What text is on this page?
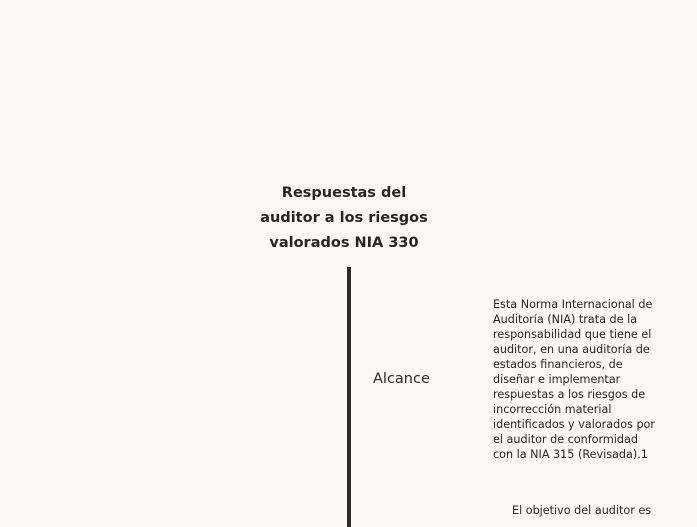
Respuestas del
auditor a los riesgos
valorados NIA 330
Alcance
Esta Norma Internacional de
Auditoría (NIA) trata de la
responsabilidad que tiene el
auditor, en una auditoría de
estados financieros, de
diseñar e implementar
respuestas a los riesgos de
incorrección material
identificados y valorados por
el auditor de conformidad
con la NIA 315 (Revisada).1
El objetivo del auditor es
